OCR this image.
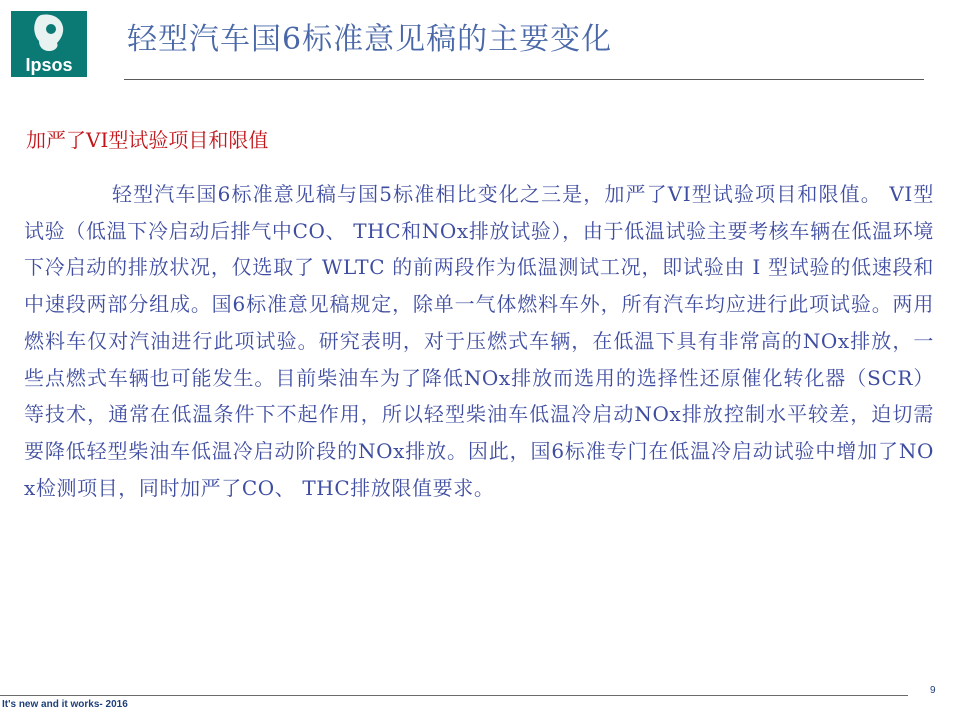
Ipsos
轻型汽车国6标准意见稿的主要变化
加严了VI型试验项目和限值
轻型汽车国6标准意见稿与国5标准相比变化之三是，加严了VI型试验项目和限值。 VI型试验（低温下冷启动后排气中CO、 THC和NOx排放试验），由于低温试验主要考核车辆在低温环境下冷启动的排放状况，仅选取了 WLTC 的前两段作为低温测试工况，即试验由 I 型试验的低速段和中速段两部分组成。国6标准意见稿规定，除单一气体燃料车外，所有汽车均应进行此项试验。两用燃料车仅对汽油进行此项试验。研究表明，对于压燃式车辆，在低温下具有非常高的NOx排放，一些点燃式车辆也可能发生。目前柴油车为了降低NOx排放而选用的选择性还原催化转化器（SCR）等技术，通常在低温条件下不起作用，所以轻型柴油车低温冷启动NOx排放控制水平较差，迫切需要降低轻型柴油车低温冷启动阶段的NOx排放。因此，国6标准专门在低温冷启动试验中增加了NOx检测项目，同时加严了CO、 THC排放限值要求。
It's new and it works- 2016
9
